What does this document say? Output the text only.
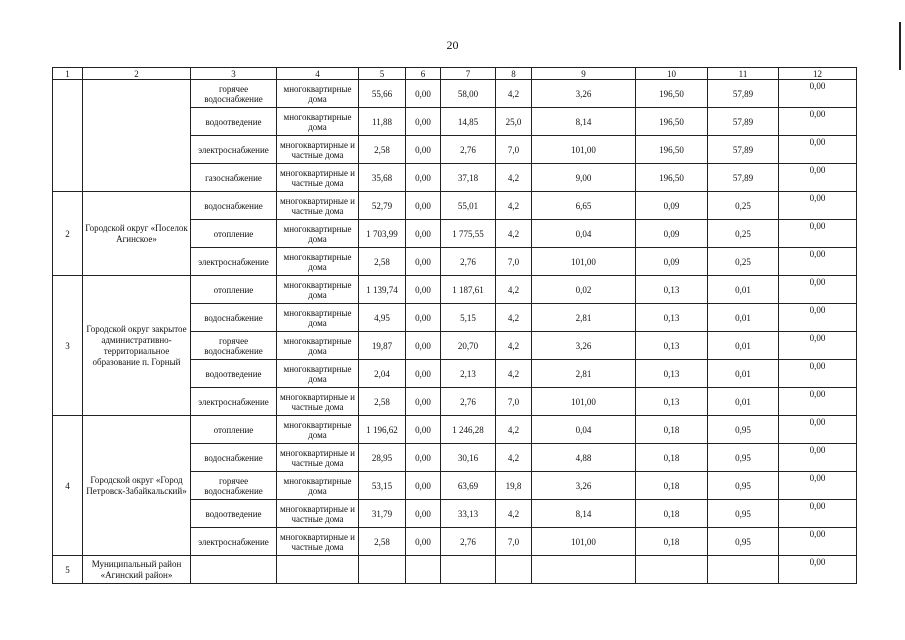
20
1	2	3	4	5	6	7	8	9	10	11	12
		горячее водоснабжение	многоквартирные дома	55,66	0,00	58,00	4,2	3,26	196,50	57,89	0,00
		водоотведение	многоквартирные дома	11,88	0,00	14,85	25,0	8,14	196,50	57,89	0,00
		электроснабжение	многоквартирные и частные дома	2,58	0,00	2,76	7,0	101,00	196,50	57,89	0,00
		газоснабжение	многоквартирные и частные дома	35,68	0,00	37,18	4,2	9,00	196,50	57,89	0,00
2	Городской округ «Поселок Агинское»	водоснабжение	многоквартирные и частные дома	52,79	0,00	55,01	4,2	6,65	0,09	0,25	0,00
		отопление	многоквартирные дома	1 703,99	0,00	1 775,55	4,2	0,04	0,09	0,25	0,00
		электроснабжение	многоквартирные дома	2,58	0,00	2,76	7,0	101,00	0,09	0,25	0,00
3	Городской округ закрытое административно-территориальное образование п. Горный	отопление	многоквартирные дома	1 139,74	0,00	1 187,61	4,2	0,02	0,13	0,01	0,00
		водоснабжение	многоквартирные дома	4,95	0,00	5,15	4,2	2,81	0,13	0,01	0,00
		горячее водоснабжение	многоквартирные дома	19,87	0,00	20,70	4,2	3,26	0,13	0,01	0,00
		водоотведение	многоквартирные дома	2,04	0,00	2,13	4,2	2,81	0,13	0,01	0,00
		электроснабжение	многоквартирные и частные дома	2,58	0,00	2,76	7,0	101,00	0,13	0,01	0,00
4	Городской округ «Город Петровск-Забайкальский»	отопление	многоквартирные дома	1 196,62	0,00	1 246,28	4,2	0,04	0,18	0,95	0,00
		водоснабжение	многоквартирные и частные дома	28,95	0,00	30,16	4,2	4,88	0,18	0,95	0,00
		горячее водоснабжение	многоквартирные дома	53,15	0,00	63,69	19,8	3,26	0,18	0,95	0,00
		водоотведение	многоквартирные и частные дома	31,79	0,00	33,13	4,2	8,14	0,18	0,95	0,00
		электроснабжение	многоквартирные и частные дома	2,58	0,00	2,76	7,0	101,00	0,18	0,95	0,00
5	Муниципальный район «Агинский район»										0,00
